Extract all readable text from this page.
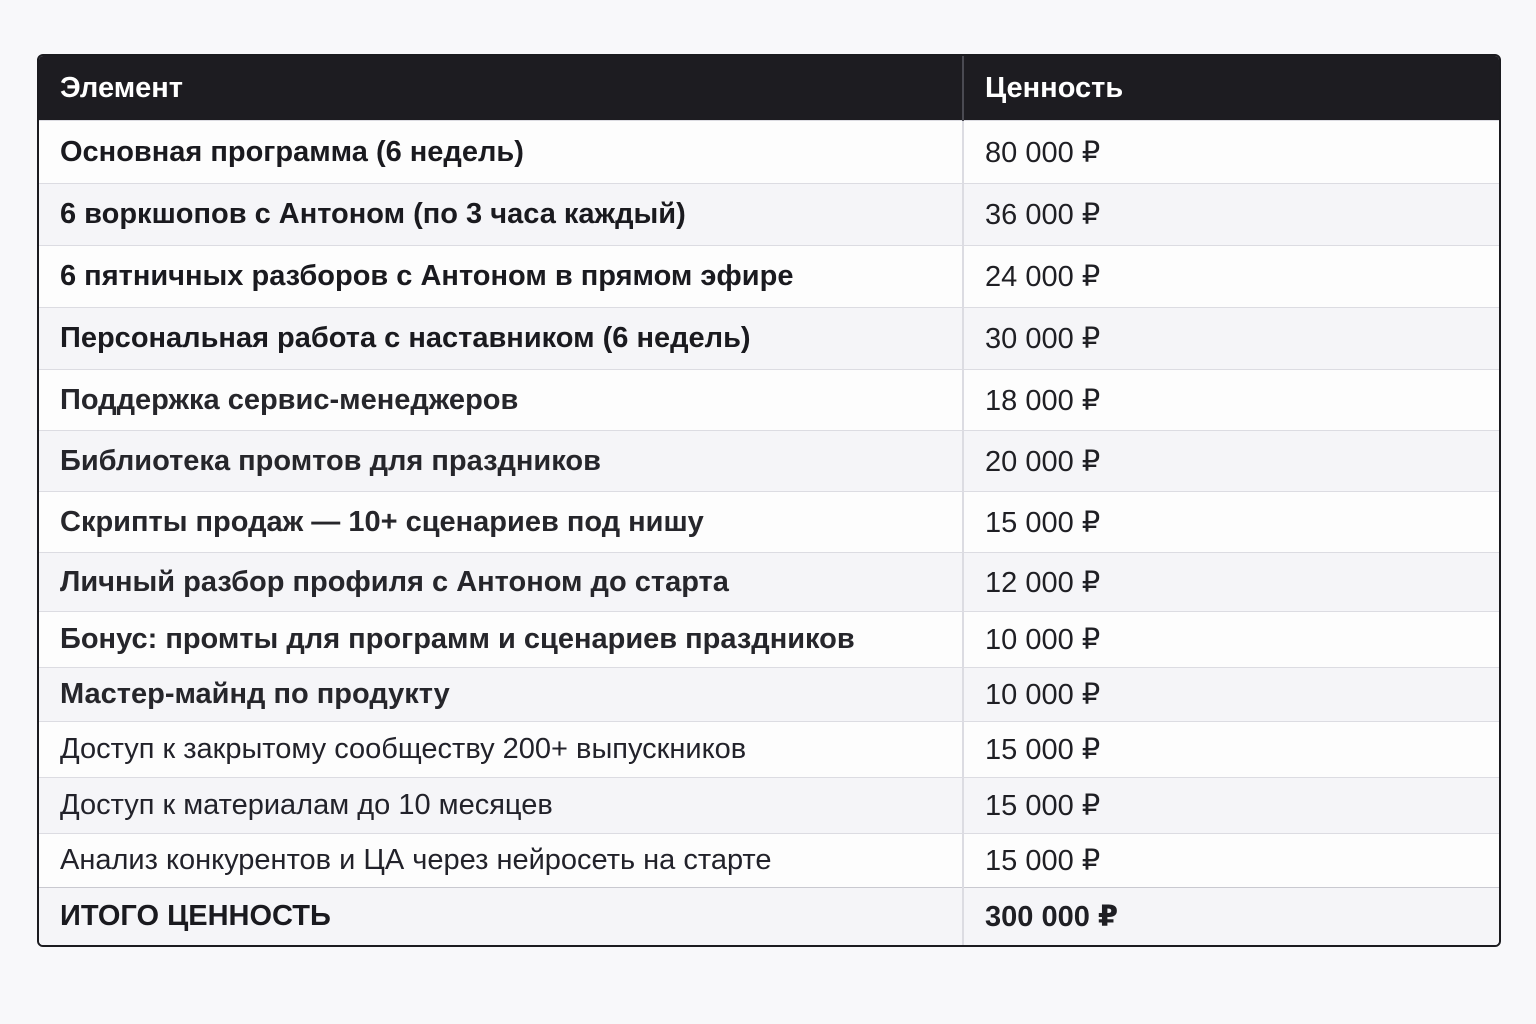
Элемент	Ценность
Основная программа (6 недель)	80 000 ₽
6 воркшопов с Антоном (по 3 часа каждый)	36 000 ₽
6 пятничных разборов с Антоном в прямом эфире	24 000 ₽
Персональная работа с наставником (6 недель)	30 000 ₽
Поддержка сервис-менеджеров	18 000 ₽
Библиотека промтов для праздников	20 000 ₽
Скрипты продаж — 10+ сценариев под нишу	15 000 ₽
Личный разбор профиля с Антоном до старта	12 000 ₽
Бонус: промты для программ и сценариев праздников	10 000 ₽
Мастер-майнд по продукту	10 000 ₽
Доступ к закрытому сообществу 200+ выпускников	15 000 ₽
Доступ к материалам до 10 месяцев	15 000 ₽
Анализ конкурентов и ЦА через нейросеть на старте	15 000 ₽
ИТОГО ЦЕННОСТЬ	300 000 ₽
